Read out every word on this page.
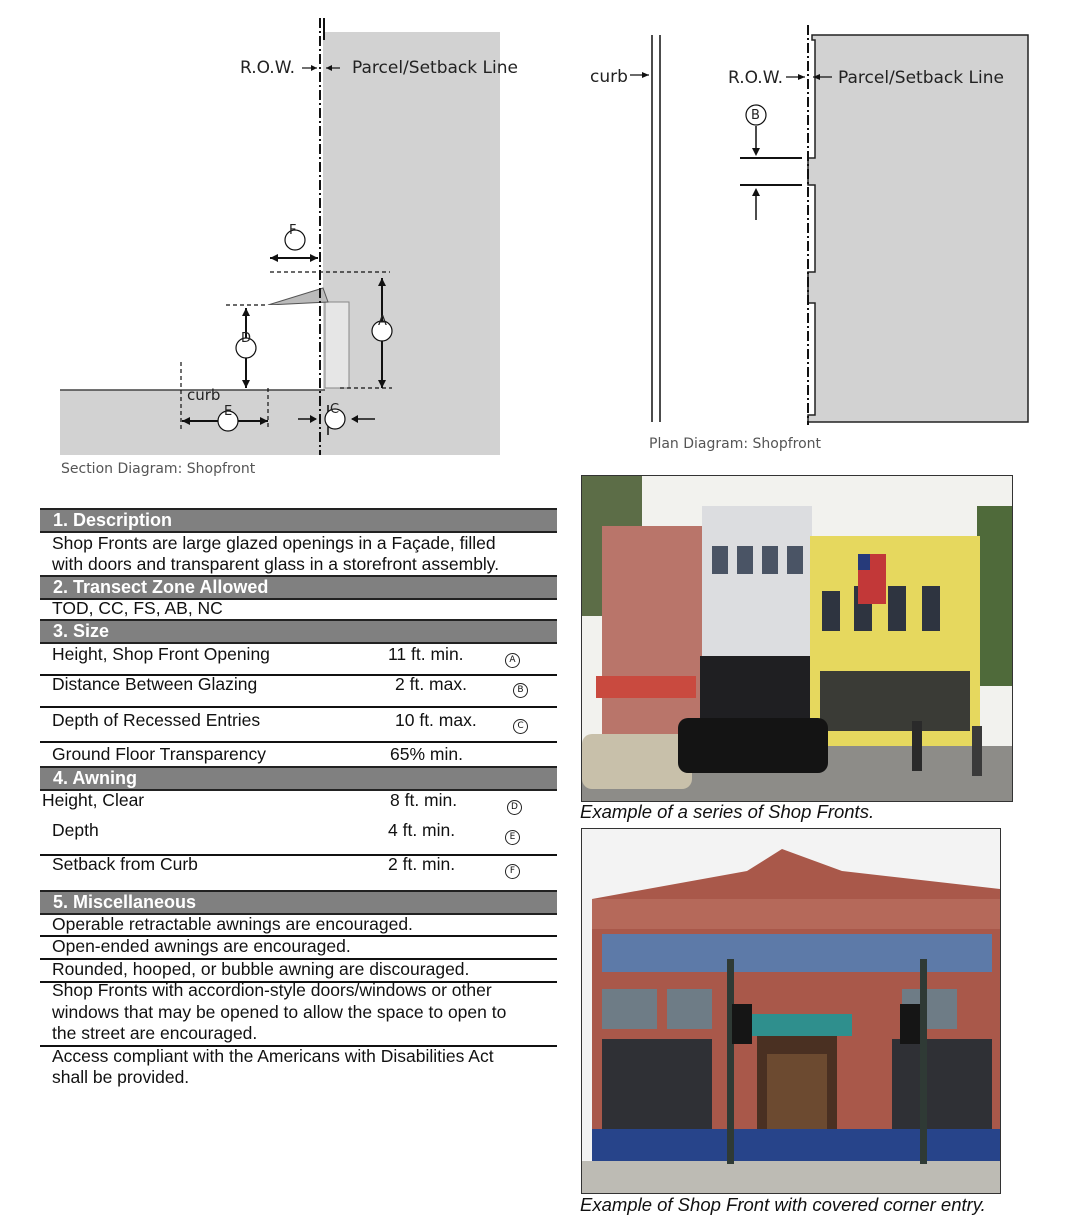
F
A
D
E	C
R.O.W.	Parcel/Setback Line
curb
Section Diagram: Shopfront
B
curb	R.O.W.	Parcel/Setback Line
Plan Diagram: Shopfront
1. Description
Shop Fronts are large glazed openings in a Façade, filled
with doors and transparent glass in a storefront assembly.
2. Transect Zone Allowed
TOD, CC, FS, AB, NC
3. Size
Height, Shop Front Opening	11 ft. min.	A
Distance Between Glazing	2 ft. max.	B
Depth of Recessed Entries	10 ft. max.	C
Ground Floor Transparency	65% min.
4. Awning
Height, Clear	8 ft. min.	D
Depth	4 ft. min.	E
Setback from Curb	2 ft. min.	F
5. Miscellaneous
Operable retractable awnings are encouraged.
Open-ended awnings are encouraged.
Rounded, hooped, or bubble awning are discouraged.
Shop Fronts with accordion-style doors/windows or other
windows that may be opened to allow the space to open to
the street are encouraged.
Access compliant with the Americans with Disabilities Act
shall be provided.
Example of a series of Shop Fronts.
Example of Shop Front with covered corner entry.
